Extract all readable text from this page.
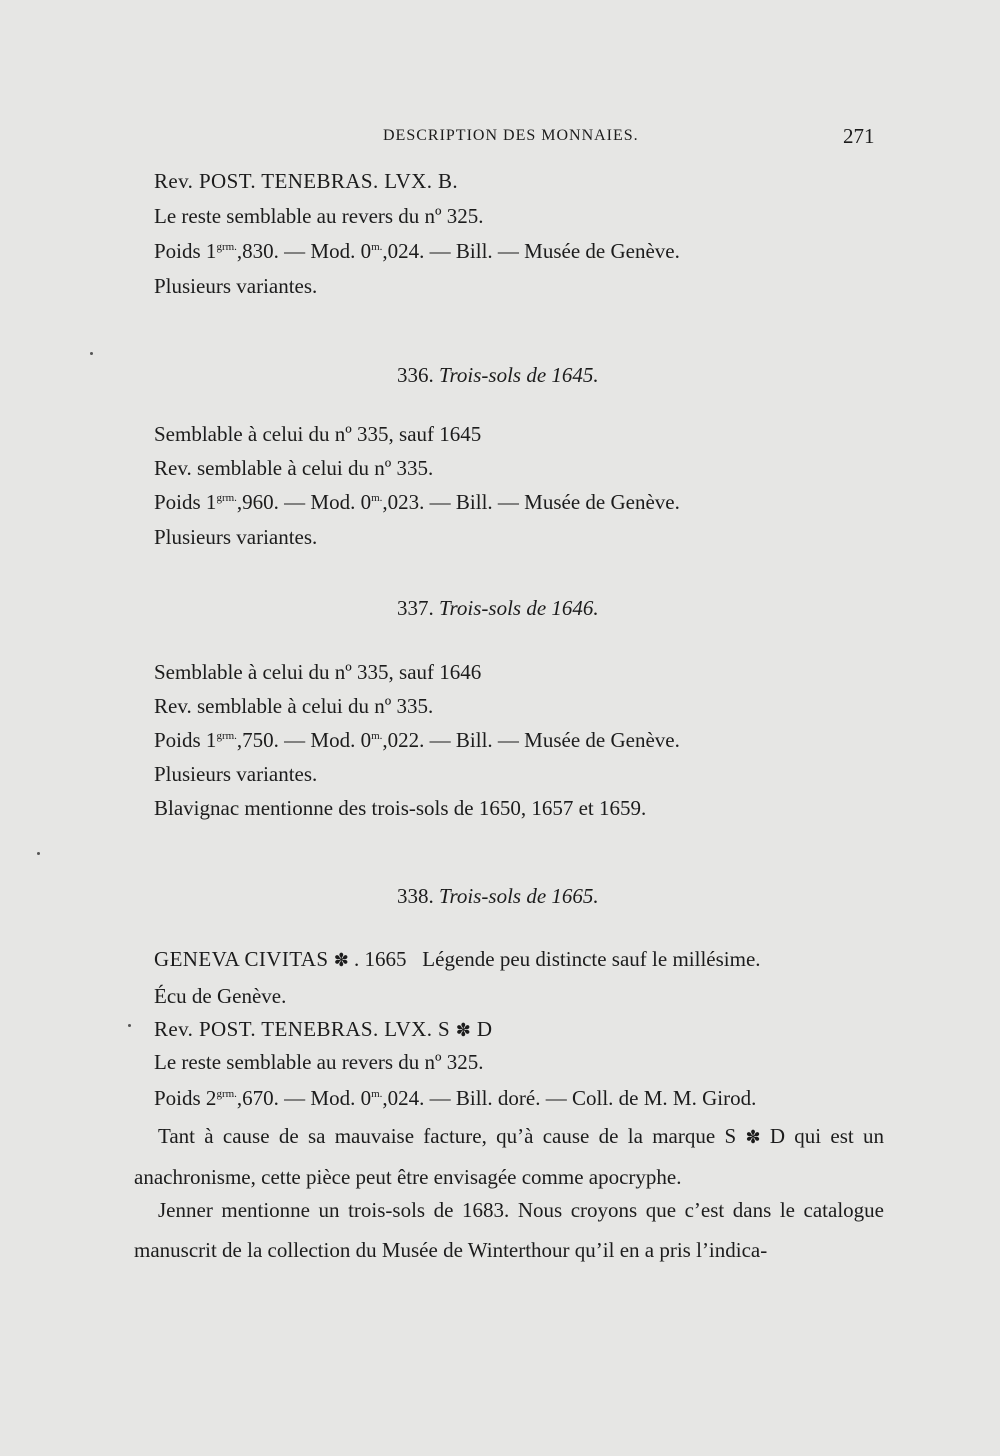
DESCRIPTION DES MONNAIES.	271
Rev. POST. TENEBRAS. LVX. B.
Le reste semblable au revers du nº 325.
Poids $1^{grm.},830$. — Mod. $0^{m.},024$. — Bill. — Musée de Genève.
Plusieurs variantes.
336. Trois-sols de 1645.
Semblable à celui du nº 335, sauf 1645
Rev. semblable à celui du nº 335.
Poids $1^{grm.},960$. — Mod. $0^{m.},023$. — Bill. — Musée de Genève.
Plusieurs variantes.
337. Trois-sols de 1646.
Semblable à celui du nº 335, sauf 1646
Rev. semblable à celui du nº 335.
Poids $1^{grm.},750$. — Mod. $0^{m.},022$. — Bill. — Musée de Genève.
Plusieurs variantes.
Blavignac mentionne des trois-sols de 1650, 1657 et 1659.
338. Trois-sols de 1665.
GENEVA CIVITAS ✽ . 1665 Légende peu distincte sauf le millésime.
Écu de Genève.
Rev. POST. TENEBRAS. LVX. S ✽ D
Le reste semblable au revers du nº 325.
Poids $2^{grm.},670$. — Mod. $0^{m.},024$. — Bill. doré. — Coll. de M. M. Girod.
Tant à cause de sa mauvaise facture, qu’à cause de la marque S ✽ D qui est un anachronisme, cette pièce peut être envisagée comme apocryphe.
Jenner mentionne un trois-sols de 1683. Nous croyons que c’est dans le catalogue manuscrit de la collection du Musée de Winterthour qu’il en a pris l’indica-
